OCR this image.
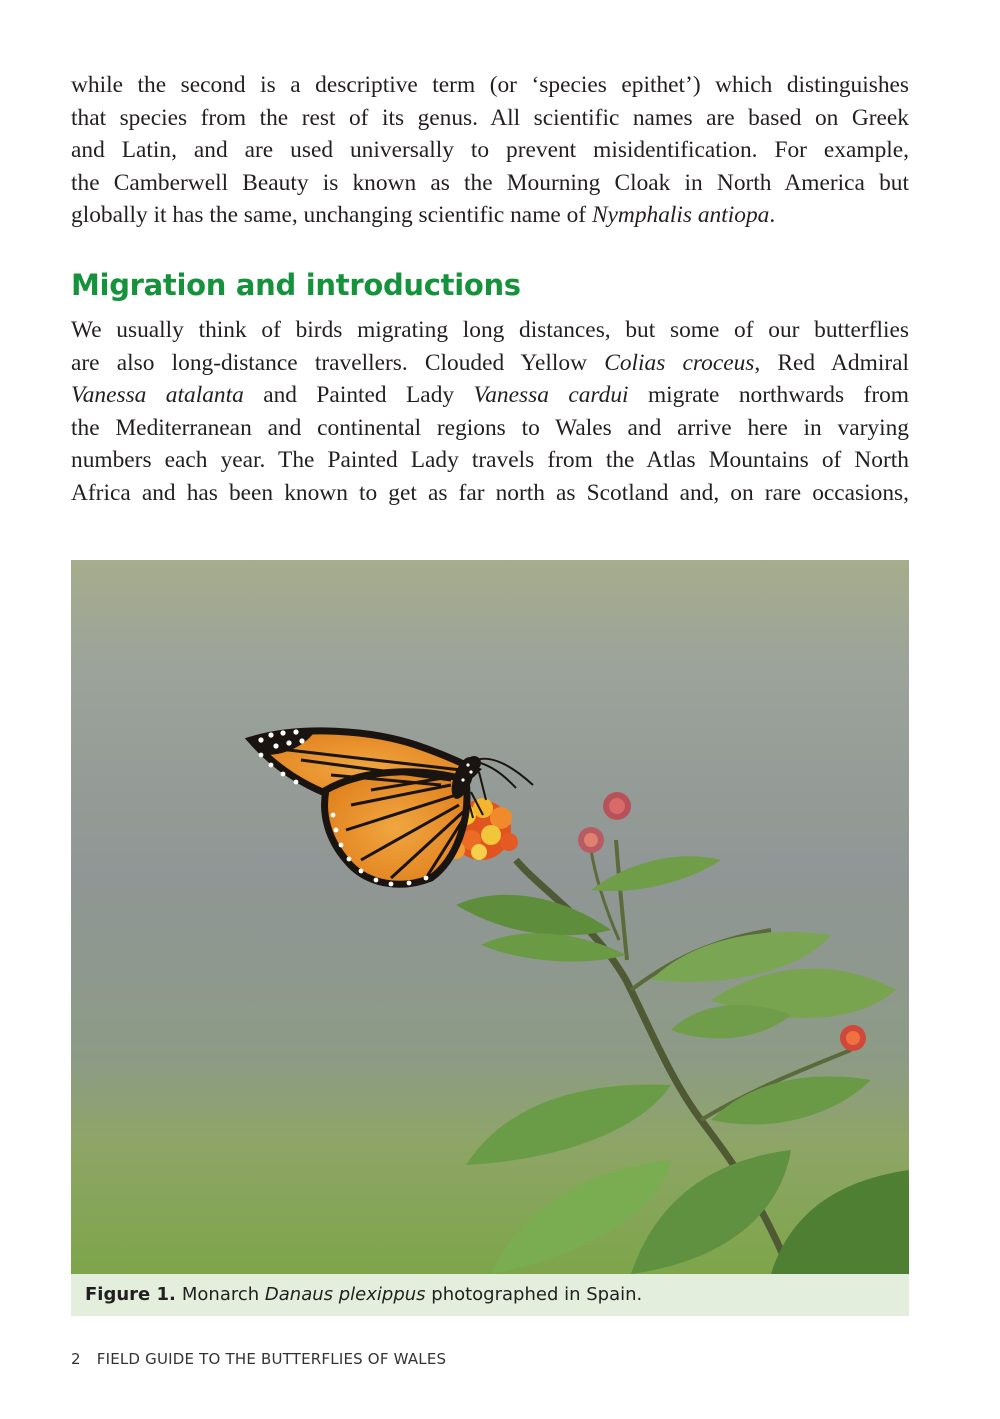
while the second is a descriptive term (or ‘species epithet’) which distinguishes
that species from the rest of its genus. All scientific names are based on Greek
and Latin, and are used universally to prevent misidentification. For example,
the Camberwell Beauty is known as the Mourning Cloak in North America but
globally it has the same, unchanging scientific name of Nymphalis antiopa.

Migration and introductions

We usually think of birds migrating long distances, but some of our butterflies
are also long-distance travellers. Clouded Yellow Colias croceus, Red Admiral
Vanessa atalanta and Painted Lady Vanessa cardui migrate northwards from
the Mediterranean and continental regions to Wales and arrive here in varying
numbers each year. The Painted Lady travels from the Atlas Mountains of North
Africa and has been known to get as far north as Scotland and, on rare occasions,

Figure 1. Monarch Danaus plexippus photographed in Spain.
2 FIELD GUIDE TO THE BUTTERFLIES OF WALES
